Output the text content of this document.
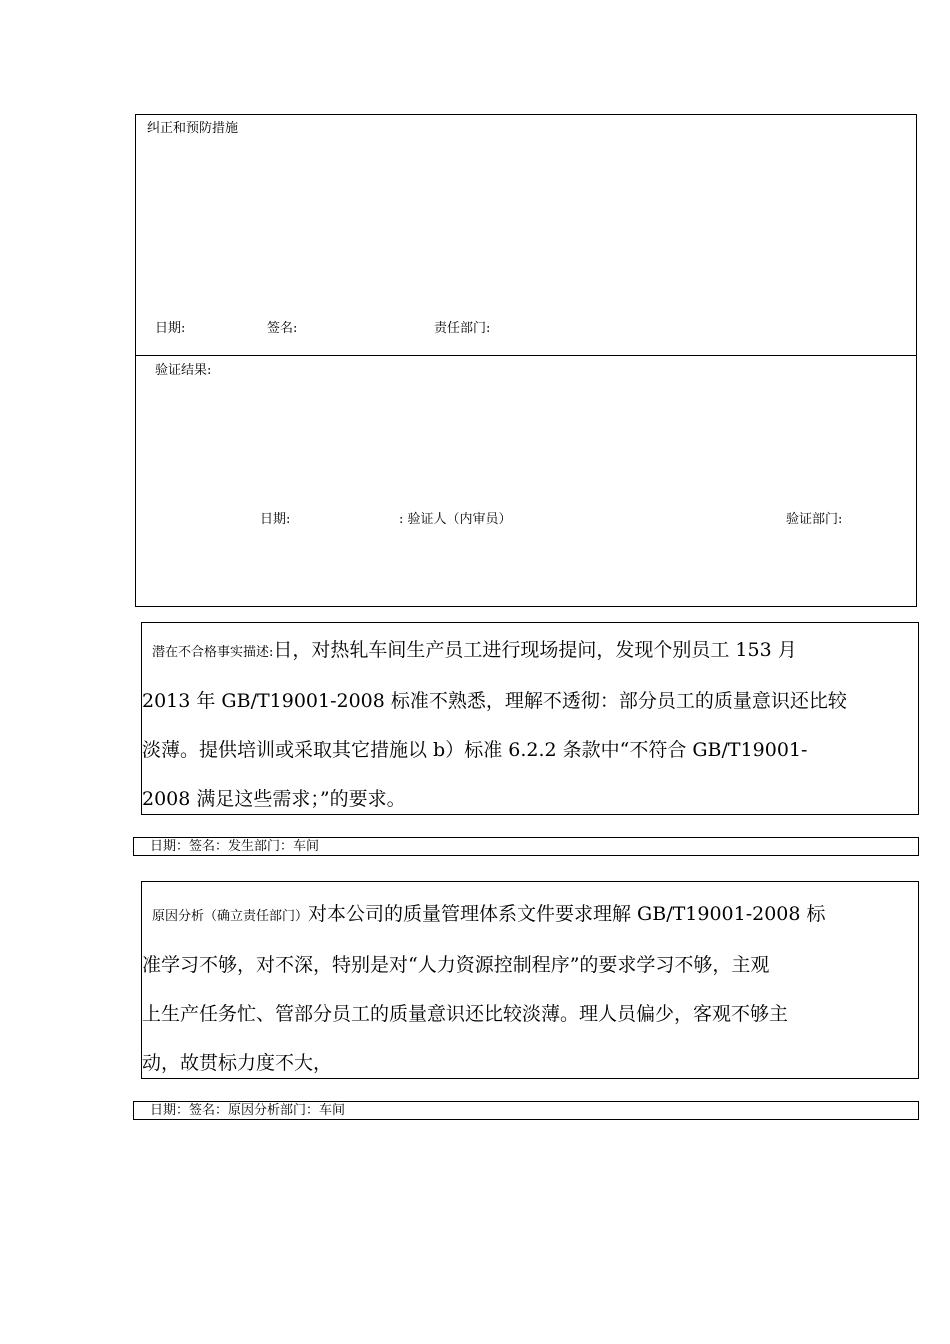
纠正和预防措施
日期:	签名:	责任部门:
验证结果:
日期:	: 验证人（内审员）	验证部门:
潜在不合格事实描述:日，对热轧车间生产员工进行现场提问，发现个别员工 153 月
2013 年 GB/T19001-2008 标准不熟悉，理解不透彻：部分员工的质量意识还比较
淡薄。提供培训或采取其它措施以 b）标准 6.2.2 条款中“不符合 GB/T19001-
2008 满足这些需求；”的要求。
日期：签名：发生部门：车间
原因分析（确立责任部门）对本公司的质量管理体系文件要求理解 GB/T19001-2008 标
准学习不够，对不深，特别是对“人力资源控制程序”的要求学习不够，主观
上生产任务忙、管部分员工的质量意识还比较淡薄。理人员偏少，客观不够主
动，故贯标力度不大，
日期：签名：原因分析部门：车间
